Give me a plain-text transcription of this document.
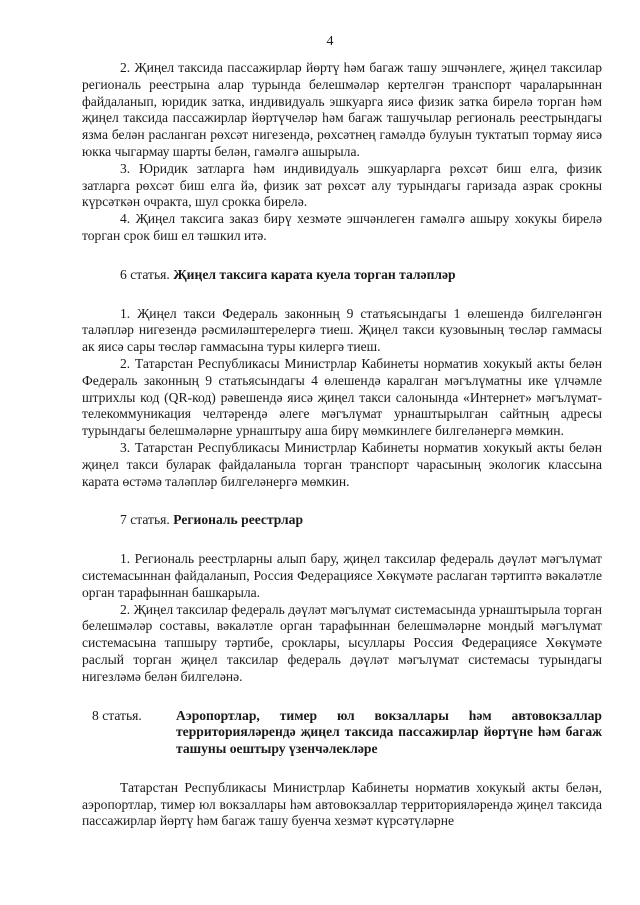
4

2. Җиңел таксида пассажирлар йөртү һәм багаж ташу эшчәнлеге, җиңел таксилар региональ реестрына алар турында белешмәләр кертелгән транспорт чараларыннан файдаланып, юридик затка, индивидуаль эшкуарга яисә физик затка бирелә торган һәм җиңел таксида пассажирлар йөртүчеләр һәм багаж ташучылар региональ реестрындагы язма белән расланган рөхсәт нигезендә, рөхсәтнең гамәлдә булуын туктатып тормау яисә юкка чыгармау шарты белән, гамәлгә ашырыла.

3. Юридик затларга һәм индивидуаль эшкуарларга рөхсәт биш елга, физик затларга рөхсәт биш елга йә, физик зат рөхсәт алу турындагы гаризада азрак срокны күрсәткән очракта, шул срокка бирелә.

4. Җиңел таксига заказ бирү хезмәте эшчәнлеген гамәлгә ашыру хокукы бирелә торган срок биш ел тәшкил итә.

6 статья. Җиңел таксига карата куела торган таләпләр

1. Җиңел такси Федераль законның 9 статьясындагы 1 өлешендә билгеләнгән таләпләр нигезендә рәсмиләштерелергә тиеш. Җиңел такси кузовының төсләр гаммасы ак яисә сары төсләр гаммасына туры килергә тиеш.

2. Татарстан Республикасы Министрлар Кабинеты норматив хокукый акты белән Федераль законның 9 статьясындагы 4 өлешендә каралган мәгълүматны ике үлчәмле штрихлы код (QR-код) рәвешендә яисә җиңел такси салонында «Интернет» мәгълүмат-телекоммуникация челтәрендә әлеге мәгълүмат урнаштырылган сайтның адресы турындагы белешмәләрне урнаштыру аша бирү мөмкинлеге билгеләнергә мөмкин.

3. Татарстан Республикасы Министрлар Кабинеты норматив хокукый акты белән җиңел такси буларак файдаланыла торган транспорт чарасының экологик классына карата өстәмә таләпләр билгеләнергә мөмкин.

7 статья. Региональ реестрлар

1. Региональ реестрларны алып бару, җиңел таксилар федераль дәүләт мәгълүмат системасыннан файдаланып, Россия Федерациясе Хөкүмәте раслаган тәртиптә вәкаләтле орган тарафыннан башкарыла.

2. Җиңел таксилар федераль дәүләт мәгълүмат системасында урнаштырыла торган белешмәләр составы, вәкаләтле орган тарафыннан белешмәләрне мондый мәгълүмат системасына тапшыру тәртибе, сроклары, ысуллары Россия Федерациясе Хөкүмәте раслый торган җиңел таксилар федераль дәүләт мәгълүмат системасы турындагы нигезләмә белән билгеләнә.

8 статья.	Аэропортлар, тимер юл вокзаллары һәм автовокзаллар территорияләрендә җиңел таксида пассажирлар йөртүне һәм багаж ташуны оештыру үзенчәлекләре

Татарстан Республикасы Министрлар Кабинеты норматив хокукый акты белән, аэропортлар, тимер юл вокзаллары һәм автовокзаллар территорияләрендә җиңел таксида пассажирлар йөртү һәм багаж ташу буенча хезмәт күрсәтүләрне
